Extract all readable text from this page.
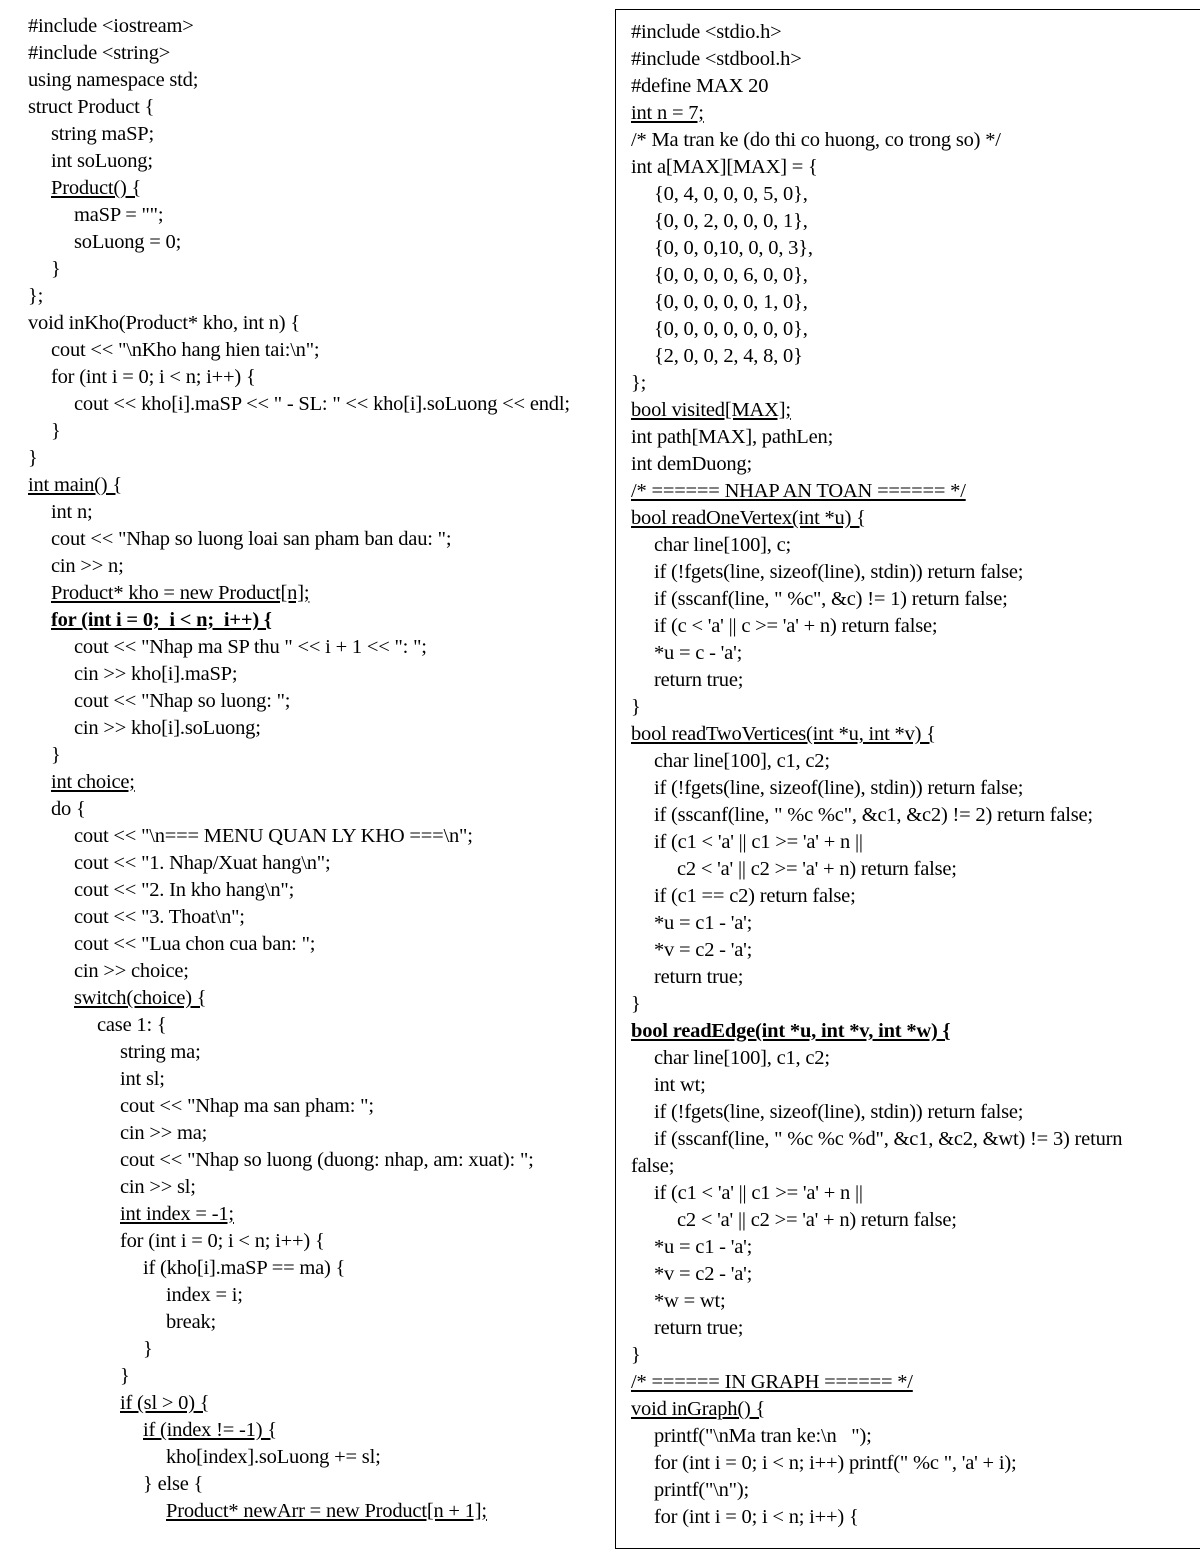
#include <iostream>
#include <string>
using namespace std;
struct Product {
string maSP;
int soLuong;
Product() {
maSP = "";
soLuong = 0;
}
};
void inKho(Product* kho, int n) {
cout << "\nKho hang hien tai:\n";
for (int i = 0; i < n; i++) {
cout << kho[i].maSP << " - SL: " << kho[i].soLuong << endl;
}
}
int main() {
int n;
cout << "Nhap so luong loai san pham ban dau: ";
cin >> n;
Product* kho = new Product[n];
for (int i = 0;  i < n;  i++) {
cout << "Nhap ma SP thu " << i + 1 << ": ";
cin >> kho[i].maSP;
cout << "Nhap so luong: ";
cin >> kho[i].soLuong;
}
int choice;
do {
cout << "\n=== MENU QUAN LY KHO ===\n";
cout << "1. Nhap/Xuat hang\n";
cout << "2. In kho hang\n";
cout << "3. Thoat\n";
cout << "Lua chon cua ban: ";
cin >> choice;
switch(choice) {
case 1: {
string ma;
int sl;
cout << "Nhap ma san pham: ";
cin >> ma;
cout << "Nhap so luong (duong: nhap, am: xuat): ";
cin >> sl;
int index = -1;
for (int i = 0; i < n; i++) {
if (kho[i].maSP == ma) {
index = i;
break;
}
}
if (sl > 0) {
if (index != -1) {
kho[index].soLuong += sl;
} else {
Product* newArr = new Product[n + 1];
#include <stdio.h>
#include <stdbool.h>
#define MAX 20
int n = 7;
/* Ma tran ke (do thi co huong, co trong so) */
int a[MAX][MAX] = {
{0, 4, 0, 0, 0, 5, 0},
{0, 0, 2, 0, 0, 0, 1},
{0, 0, 0,10, 0, 0, 3},
{0, 0, 0, 0, 6, 0, 0},
{0, 0, 0, 0, 0, 1, 0},
{0, 0, 0, 0, 0, 0, 0},
{2, 0, 0, 2, 4, 8, 0}
};
bool visited[MAX];
int path[MAX], pathLen;
int demDuong;
/* ====== NHAP AN TOAN ====== */
bool readOneVertex(int *u) {
char line[100], c;
if (!fgets(line, sizeof(line), stdin)) return false;
if (sscanf(line, " %c", &c) != 1) return false;
if (c < 'a' || c >= 'a' + n) return false;
*u = c - 'a';
return true;
}
bool readTwoVertices(int *u, int *v) {
char line[100], c1, c2;
if (!fgets(line, sizeof(line), stdin)) return false;
if (sscanf(line, " %c %c", &c1, &c2) != 2) return false;
if (c1 < 'a' || c1 >= 'a' + n ||
c2 < 'a' || c2 >= 'a' + n) return false;
if (c1 == c2) return false;
*u = c1 - 'a';
*v = c2 - 'a';
return true;
}
bool readEdge(int *u, int *v, int *w) {
char line[100], c1, c2;
int wt;
if (!fgets(line, sizeof(line), stdin)) return false;
if (sscanf(line, " %c %c %d", &c1, &c2, &wt) != 3) return
false;
if (c1 < 'a' || c1 >= 'a' + n ||
c2 < 'a' || c2 >= 'a' + n) return false;
*u = c1 - 'a';
*v = c2 - 'a';
*w = wt;
return true;
}
/* ====== IN GRAPH ====== */
void inGraph() {
printf("\nMa tran ke:\n   ");
for (int i = 0; i < n; i++) printf(" %c ", 'a' + i);
printf("\n");
for (int i = 0; i < n; i++) {
